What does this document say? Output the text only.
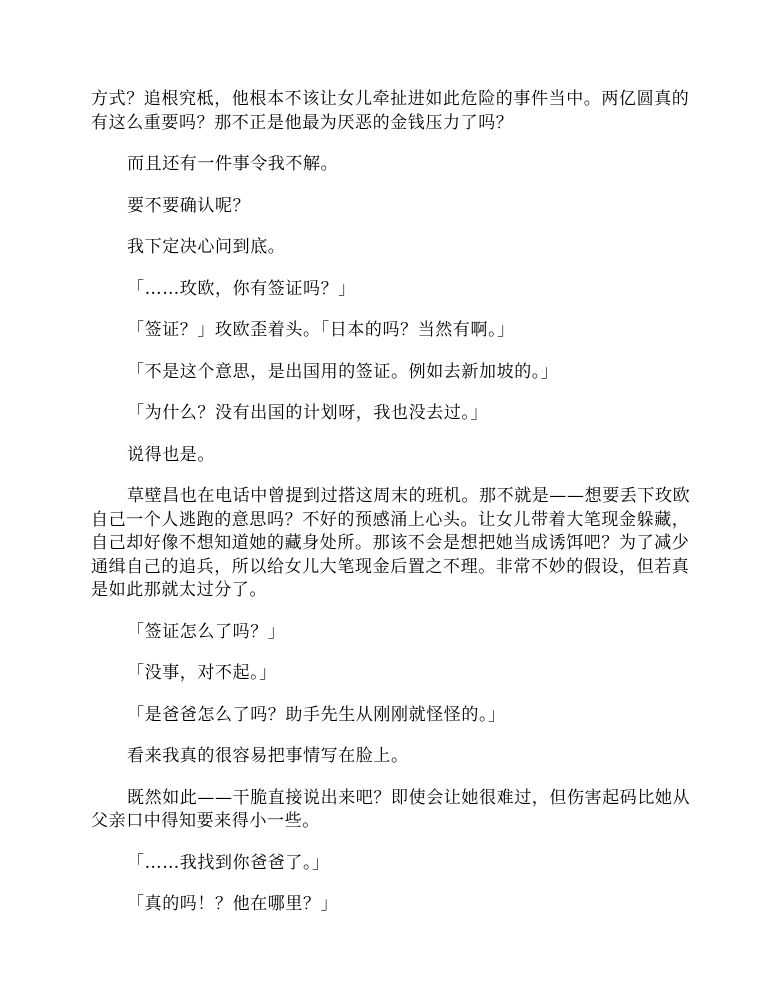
方式？追根究柢，他根本不该让女儿牵扯进如此危险的事件当中。两亿圆真的有这么重要吗？那不正是他最为厌恶的金钱压力了吗？

而且还有一件事令我不解。

要不要确认呢？

我下定决心问到底。

「……玫欧，你有签证吗？」

「签证？」玫欧歪着头。「日本的吗？当然有啊。」

「不是这个意思，是出国用的签证。例如去新加坡的。」

「为什么？没有出国的计划呀，我也没去过。」

说得也是。

草壁昌也在电话中曾提到过搭这周末的班机。那不就是——想要丢下玫欧自己一个人逃跑的意思吗？不好的预感涌上心头。让女儿带着大笔现金躲藏，自己却好像不想知道她的藏身处所。那该不会是想把她当成诱饵吧？为了减少通缉自己的追兵，所以给女儿大笔现金后置之不理。非常不妙的假设，但若真是如此那就太过分了。

「签证怎么了吗？」

「没事，对不起。」

「是爸爸怎么了吗？助手先生从刚刚就怪怪的。」

看来我真的很容易把事情写在脸上。

既然如此——干脆直接说出来吧？即使会让她很难过，但伤害起码比她从父亲口中得知要来得小一些。

「……我找到你爸爸了。」

「真的吗！？他在哪里？」
